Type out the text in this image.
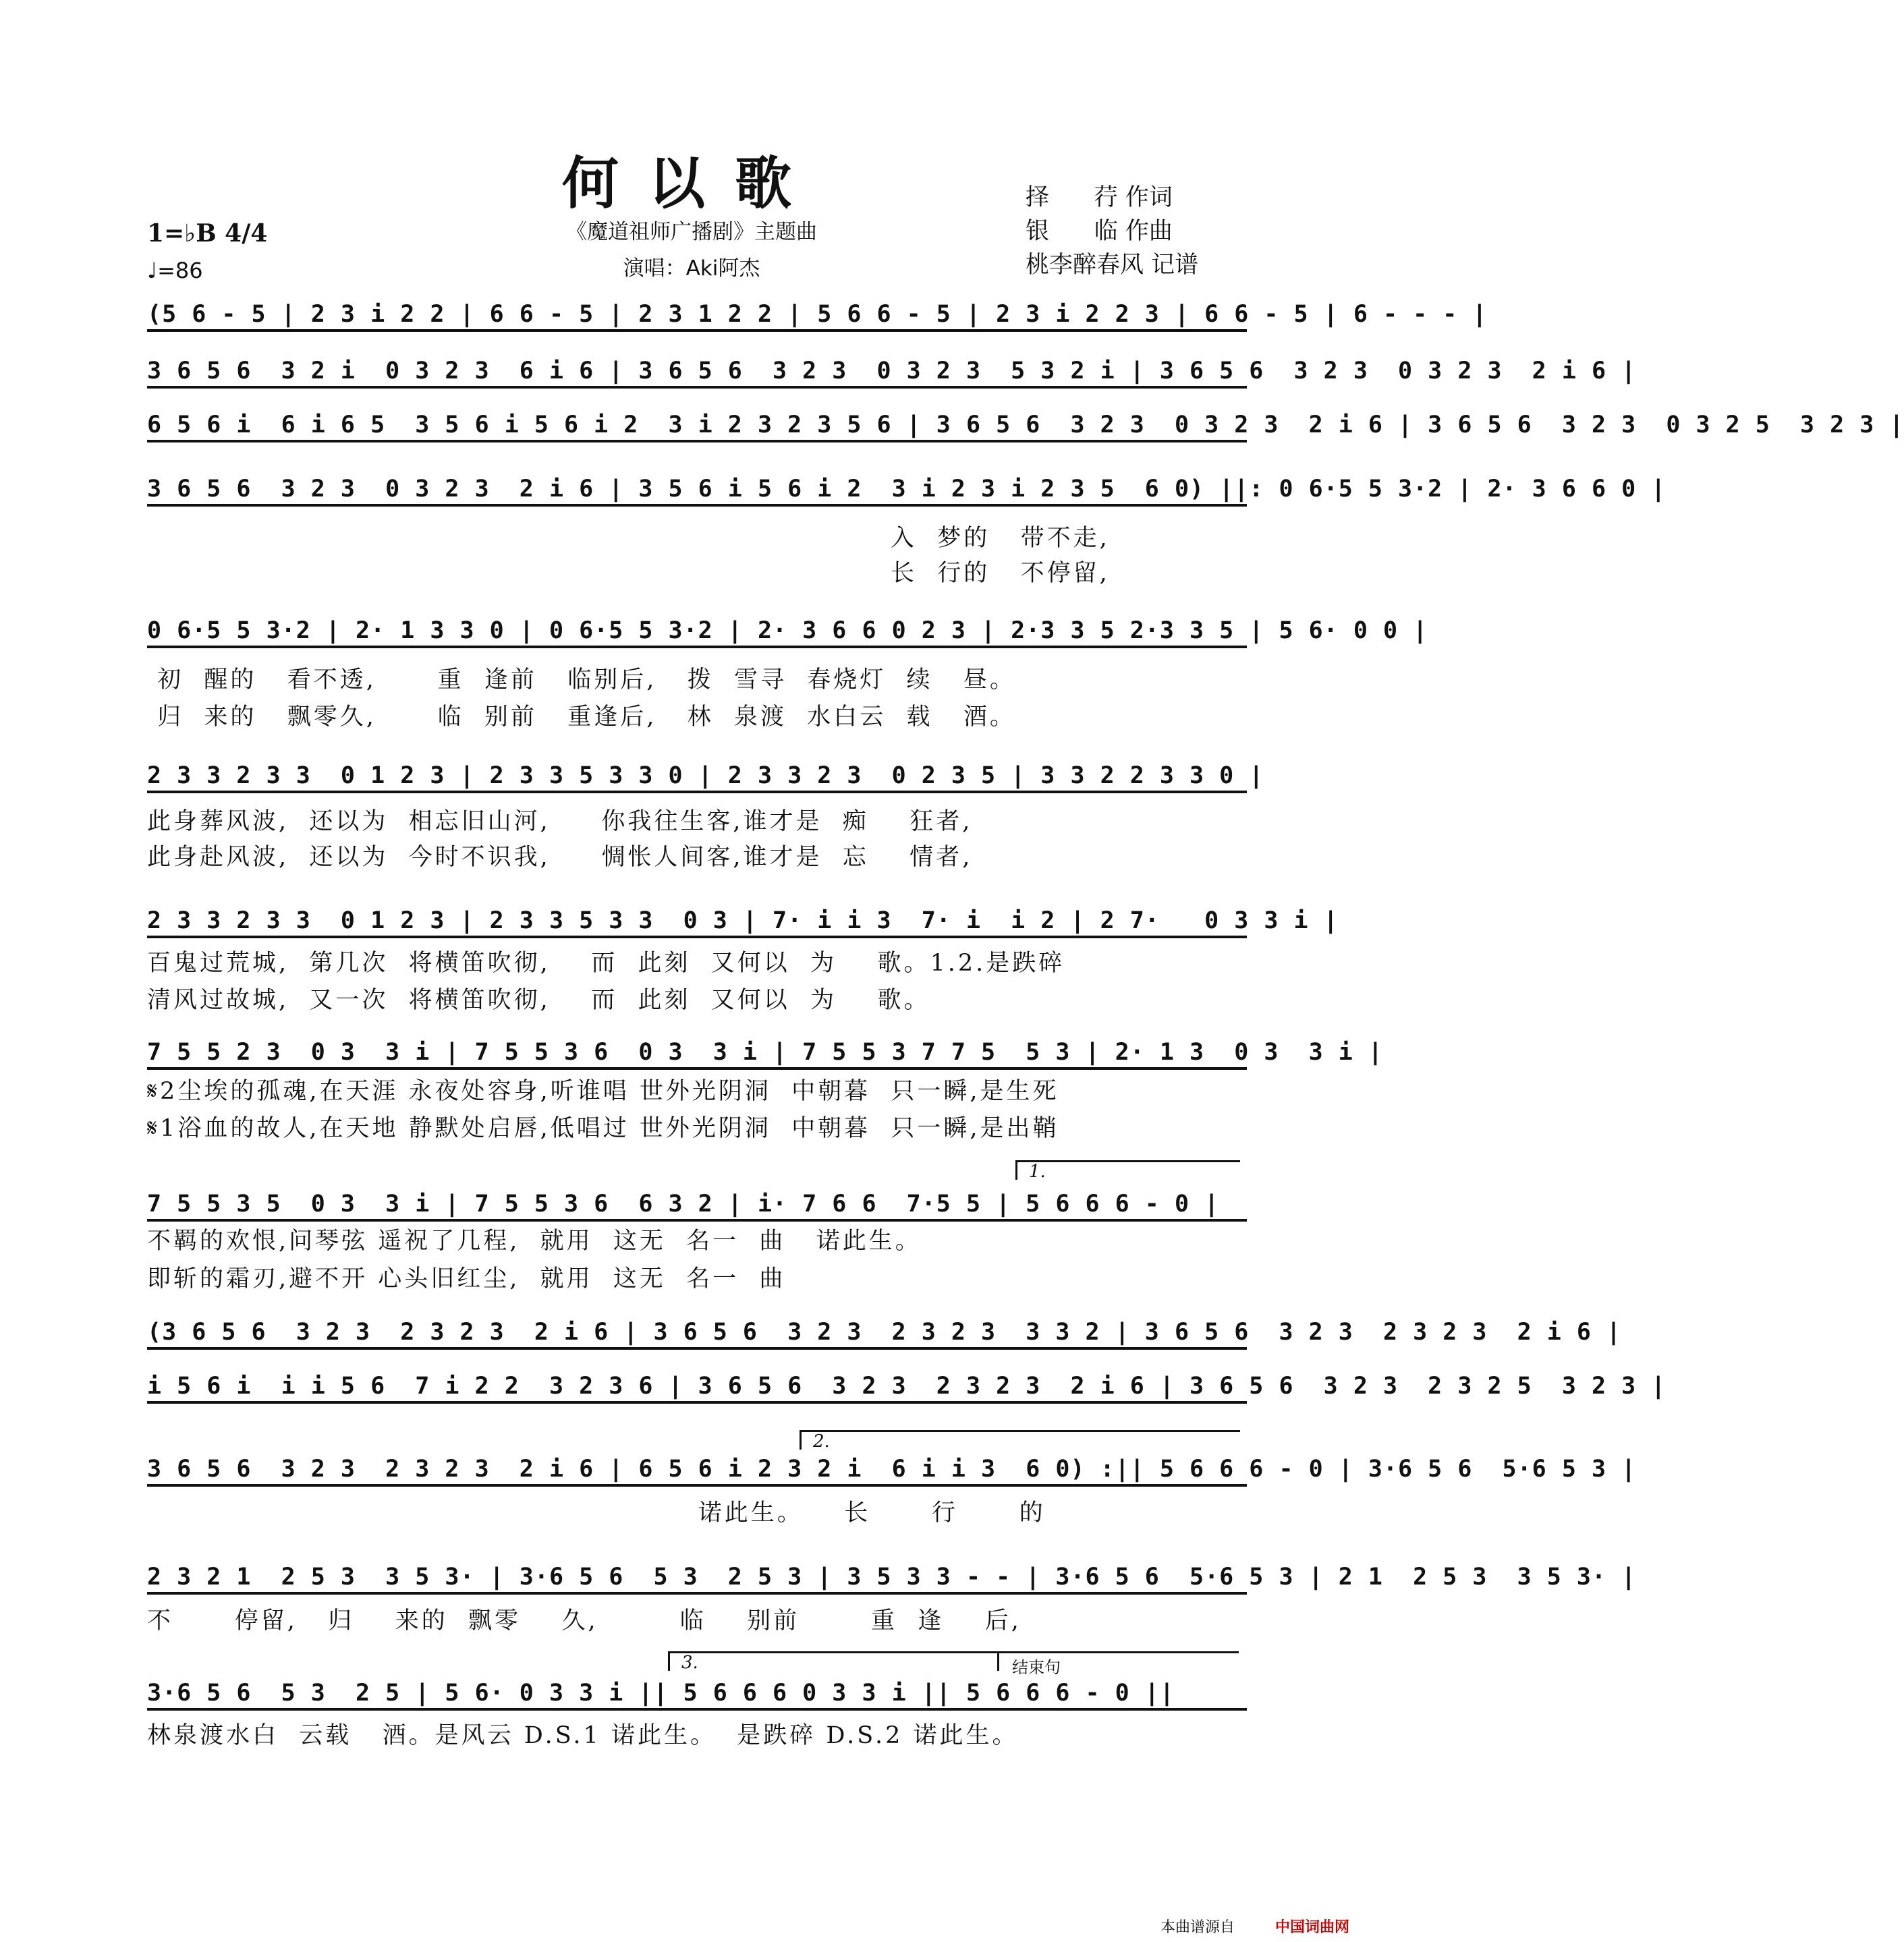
何以歌
《魔道祖师广播剧》主题曲
演唱：Aki阿杰
择      荇 作词
银      临 作曲
桃李醉春风 记谱
1=♭B 4/4
♩=86
(5 6 - 5 | 2 3 i 2 2 | 6 6 - 5 | 2 3 1 2 2 | 5 6 6 - 5 | 2 3 i 2 2 3 | 6 6 - 5 | 6 - - - |
3 6 5 6  3 2 i  0 3 2 3  6 i 6 | 3 6 5 6  3 2 3  0 3 2 3  5 3 2 i | 3 6 5 6  3 2 3  0 3 2 3  2 i 6 |
6 5 6 i  6 i 6 5  3 5 6 i 5 6 i 2  3 i 2 3 2 3 5 6 | 3 6 5 6  3 2 3  0 3 2 3  2 i 6 | 3 6 5 6  3 2 3  0 3 2 5  3 2 3 |
3 6 5 6  3 2 3  0 3 2 3  2 i 6 | 3 5 6 i 5 6 i 2  3 i 2 3 i 2 3 5  6 0) ||: 0 6·5 5 3·2 | 2· 3 6 6 0 |
入  梦的   带不走,
长  行的   不停留,
0 6·5 5 3·2 | 2· 1 3 3 0 | 0 6·5 5 3·2 | 2· 3 6 6 0 2 3 | 2·3 3 5 2·3 3 5 | 5 6· 0 0 |
初  醒的   看不透,      重  逢前   临别后,   拨  雪寻  春烧灯  续   昼。
归  来的   飘零久,      临  别前   重逢后,   林  泉渡  水白云  载   酒。
2 3 3 2 3 3  0 1 2 3 | 2 3 3 5 3 3 0 | 2 3 3 2 3  0 2 3 5 | 3 3 2 2 3 3 0 |
此身葬风波,  还以为  相忘旧山河,     你我往生客,谁才是  痴    狂者,
此身赴风波,  还以为  今时不识我,     惆怅人间客,谁才是  忘    情者,
2 3 3 2 3 3  0 1 2 3 | 2 3 3 5 3 3  0 3 | 7· i i 3  7· i  i 2 | 2 7·   0 3 3 i |
百鬼过荒城,  第几次  将横笛吹彻,    而  此刻  又何以  为    歌。1.2.是跌碎
清风过故城,  又一次  将横笛吹彻,    而  此刻  又何以  为    歌。
7 5 5 2 3  0 3  3 i | 7 5 5 3 6  0 3  3 i | 7 5 5 3 7 7 5  5 3 | 2· 1 3  0 3  3 i |
𝄋2尘埃的孤魂,在天涯 永夜处容身,听谁唱 世外光阴洞  中朝暮  只一瞬,是生死
𝄋1浴血的故人,在天地 静默处启唇,低唱过 世外光阴洞  中朝暮  只一瞬,是出鞘
1.
7 5 5 3 5  0 3  3 i | 7 5 5 3 6  6 3 2 | i· 7 6 6  7·5 5 | 5 6 6 6 - 0 |
不羁的欢恨,问琴弦 遥祝了几程,  就用  这无  名一  曲   诺此生。
即斩的霜刃,避不开 心头旧红尘,  就用  这无  名一  曲
(3 6 5 6  3 2 3  2 3 2 3  2 i 6 | 3 6 5 6  3 2 3  2 3 2 3  3 3 2 | 3 6 5 6  3 2 3  2 3 2 3  2 i 6 |
i 5 6 i  i i 5 6  7 i 2 2  3 2 3 6 | 3 6 5 6  3 2 3  2 3 2 3  2 i 6 | 3 6 5 6  3 2 3  2 3 2 5  3 2 3 |
2.
3 6 5 6  3 2 3  2 3 2 3  2 i 6 | 6 5 6 i 2 3 2 i  6 i i 3  6 0) :|| 5 6 6 6 - 0 | 3·6 5 6  5·6 5 3 |
诺此生。    长      行      的
2 3 2 1  2 5 3  3 5 3· | 3·6 5 6  5 3  2 5 3 | 3 5 3 3 - - | 3·6 5 6  5·6 5 3 | 2 1  2 5 3  3 5 3· |
不      停留,   归    来的  飘零    久,        临    别前       重  逢    后,
3.	结束句
3·6 5 6  5 3  2 5 | 5 6· 0 3 3 i || 5 6 6 6 0 3 3 i || 5 6 6 6 - 0 ||
林泉渡水白  云载   酒。是风云 D.S.1 诺此生。  是跌碎 D.S.2 诺此生。
本曲谱源自	中国词曲网
